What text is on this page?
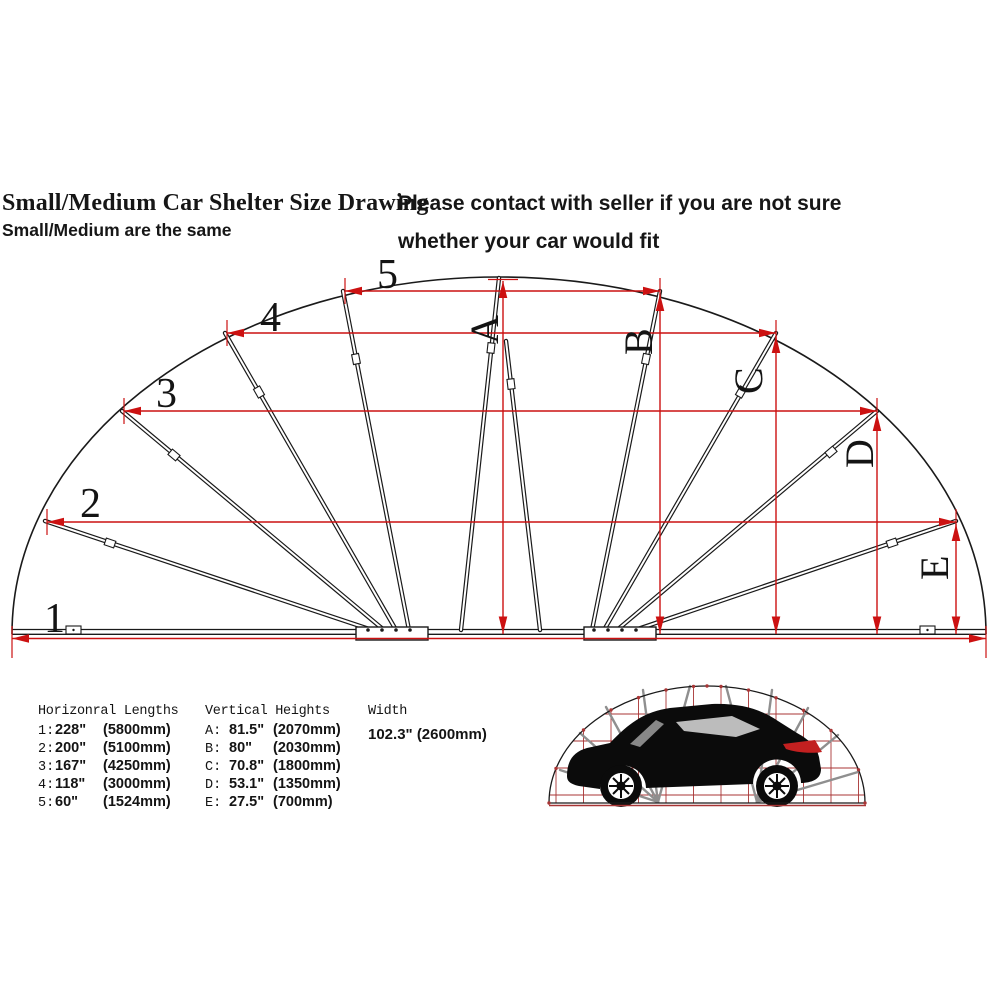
Small/Medium Car Shelter Size Drawing
Small/Medium are the same
Please contact with seller if you are not sure
whether your car would fit
1
2
3
4
5
A	B
C
D
E
Horizonral Lengths
1: 228"	(5800mm)
2: 200"	(5100mm)
3: 167"	(4250mm)
4: 118"	(3000mm)
5: 60"	(1524mm)
Vertical Heights
A: 81.5" (2070mm)
B: 80"	(2030mm)
C: 70.8" (1800mm)
D: 53.1" (1350mm)
E: 27.5" (700mm)
Width
102.3" (2600mm)
